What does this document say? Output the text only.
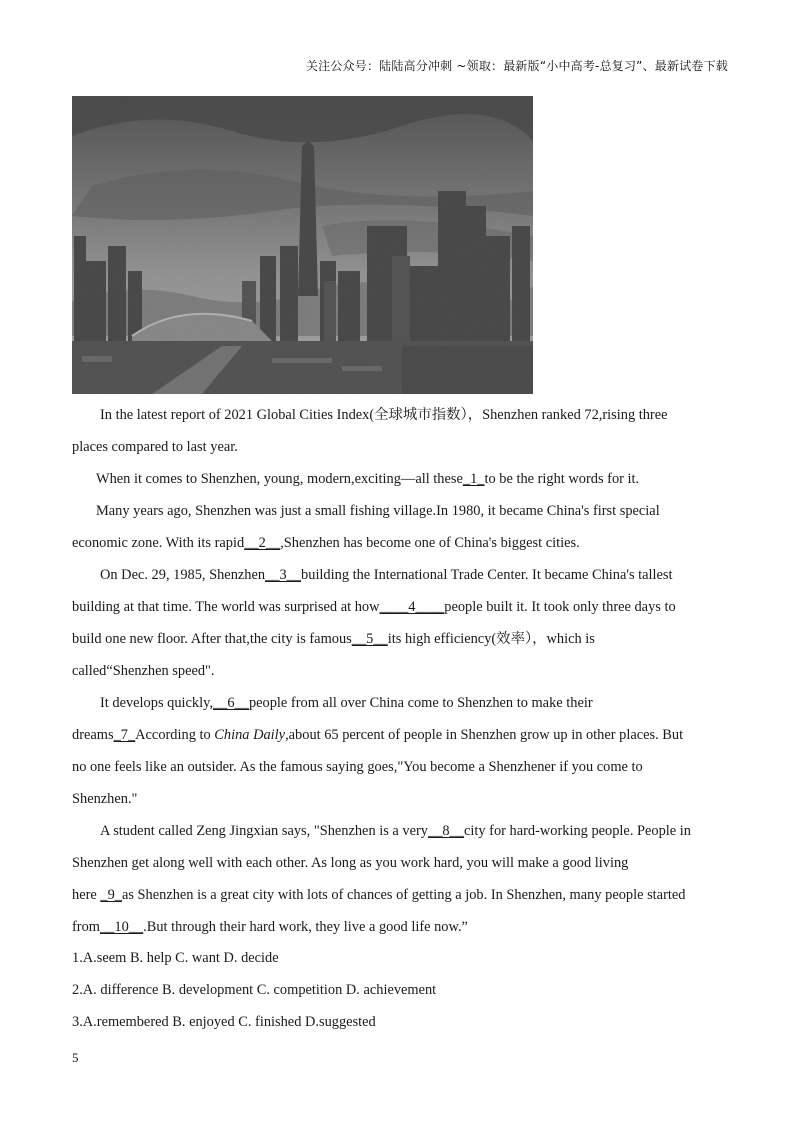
关注公众号：陆陆高分冲刺 ~领取：最新版“小中高考-总复习”、最新试卷下载
In the latest report of 2021 Global Cities Index(全球城市指数），Shenzhen ranked 72,rising three
places compared to last year.
When it comes to Shenzhen, young, modern,exciting—all these_1_to be the right words for it.
Many years ago, Shenzhen was just a small fishing village.In 1980, it became China's first special
economic zone. With its rapid__2__,Shenzhen has become one of China's biggest cities.
On Dec. 29, 1985, Shenzhen__3__building the International Trade Center. It became China's tallest
building at that time. The world was surprised at how____4____people built it. It took only three days to
build one new floor. After that,the city is famous__5__its high efficiency(效率），which is
called“Shenzhen speed".
It develops quickly,__6__people from all over China come to Shenzhen to make their
dreams_7_According to China Daily,about 65 percent of people in Shenzhen grow up in other places. But
no one feels like an outsider. As the famous saying goes,"You become a Shenzhener if you come to
Shenzhen."
A student called Zeng Jingxian says, "Shenzhen is a very__8__city for hard-working people. People in
Shenzhen get along well with each other. As long as you work hard, you will make a good living
here _9_as Shenzhen is a great city with lots of chances of getting a job. In Shenzhen, many people started
from__10__.But through their hard work, they live a good life now.”
1.A.seem B. help C. want D. decide
2.A. difference B. development C. competition D. achievement
3.A.remembered B. enjoyed C. finished D.suggested
5
